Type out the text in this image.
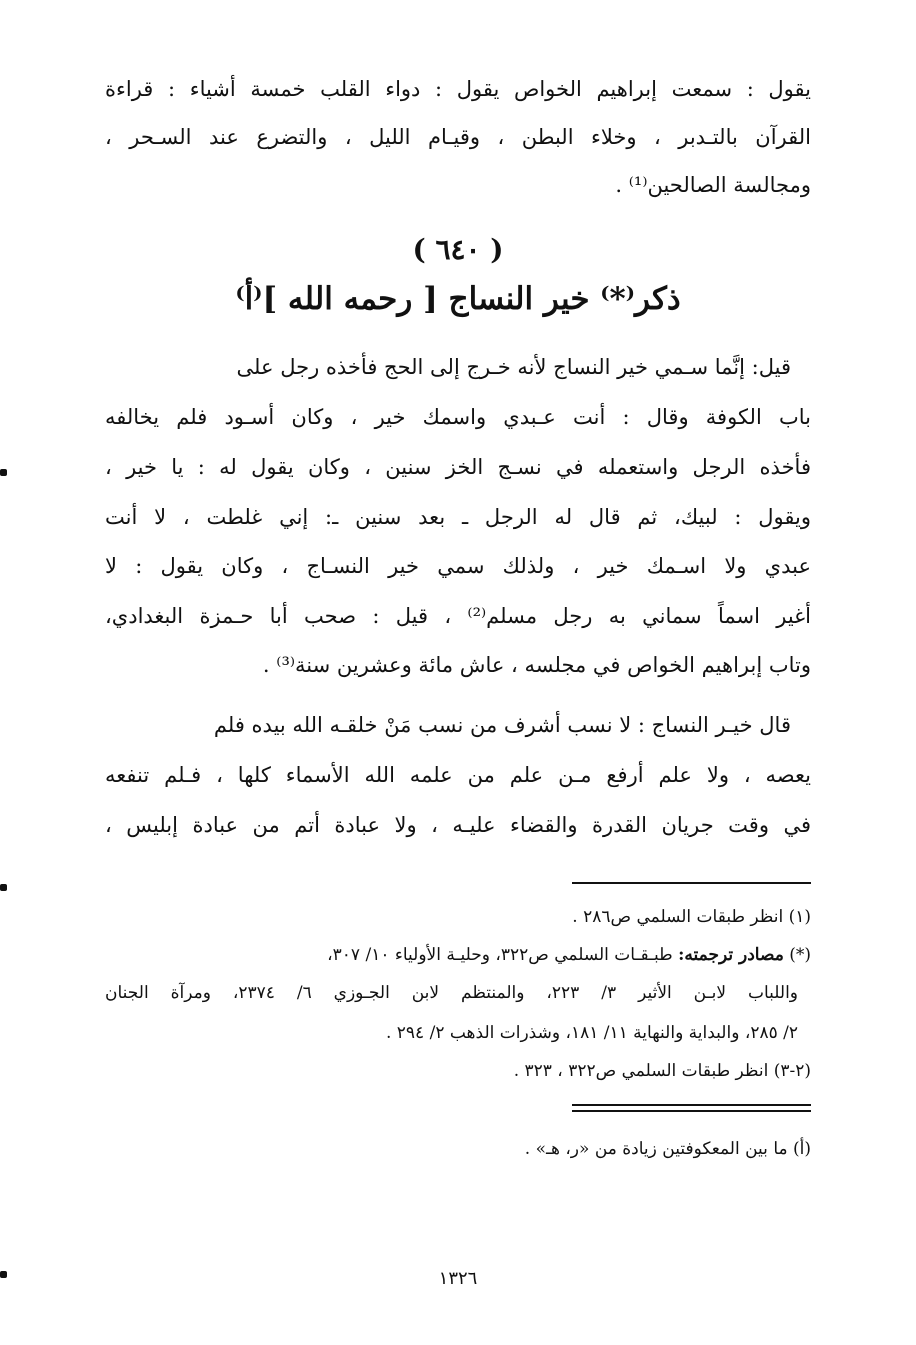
يقول : سمعت إبراهيم الخواص يقول : دواء القلب خمسة أشياء : قراءة
القرآن بالتـدبر ، وخلاء البطن ، وقيـام الليل ، والتضرع عند السـحر ،
ومجالسة الصالحين⁽¹⁾ .
( ٦٤٠ )
ذكر⁽*⁾ خير النساج [ رحمه الله ]⁽أ⁾
قيل: إنَّما سـمي خير النساج لأنه خـرج إلى الحج فأخذه رجل على
باب الكوفة وقال : أنت عـبدي واسمك خير ، وكان أسـود فلم يخالفه
فأخذه الرجل واستعمله في نسـج الخز سنين ، وكان يقول له : يا خير ،
ويقول : لبيك، ثم قال له الرجل ـ بعد سنين ـ: إني غلطت ، لا أنت
عبدي ولا اسـمك خير ، ولذلك سمي خير النسـاج ، وكان يقول : لا
أغير اسماً سماني به رجل مسلم⁽²⁾ ، قيل : صحب أبا حـمزة البغدادي،
وتاب إبراهيم الخواص في مجلسه ، عاش مائة وعشرين سنة⁽³⁾ .
قال خيـر النساج : لا نسب أشرف من نسب مَنْ خلقـه الله بيده فلم
يعصه ، ولا علم أرفع مـن علم من علمه الله الأسماء كلها ، فـلم تنفعه
في وقت جريان القدرة والقضاء عليـه ، ولا عبادة أتم من عبادة إبليس ،
(١) انظر طبقات السلمي ص٢٨٦ .
(*) مصادر ترجمته: طبـقـات السلمي ص٣٢٢، وحليـة الأولياء ١٠/ ٣٠٧،
واللباب لابـن الأثير ٣/ ٢٢٣، والمنتظم لابن الجـوزي ٦/ ٢٣٧٤، ومرآة الجنان
٢/ ٢٨٥، والبداية والنهاية ١١/ ١٨١، وشذرات الذهب ٢/ ٢٩٤ .
(٢-٣) انظر طبقات السلمي ص٣٢٢ ، ٣٢٣ .
(أ) ما بين المعكوفتين زيادة من «ر، هـ» .
١٣٢٦
